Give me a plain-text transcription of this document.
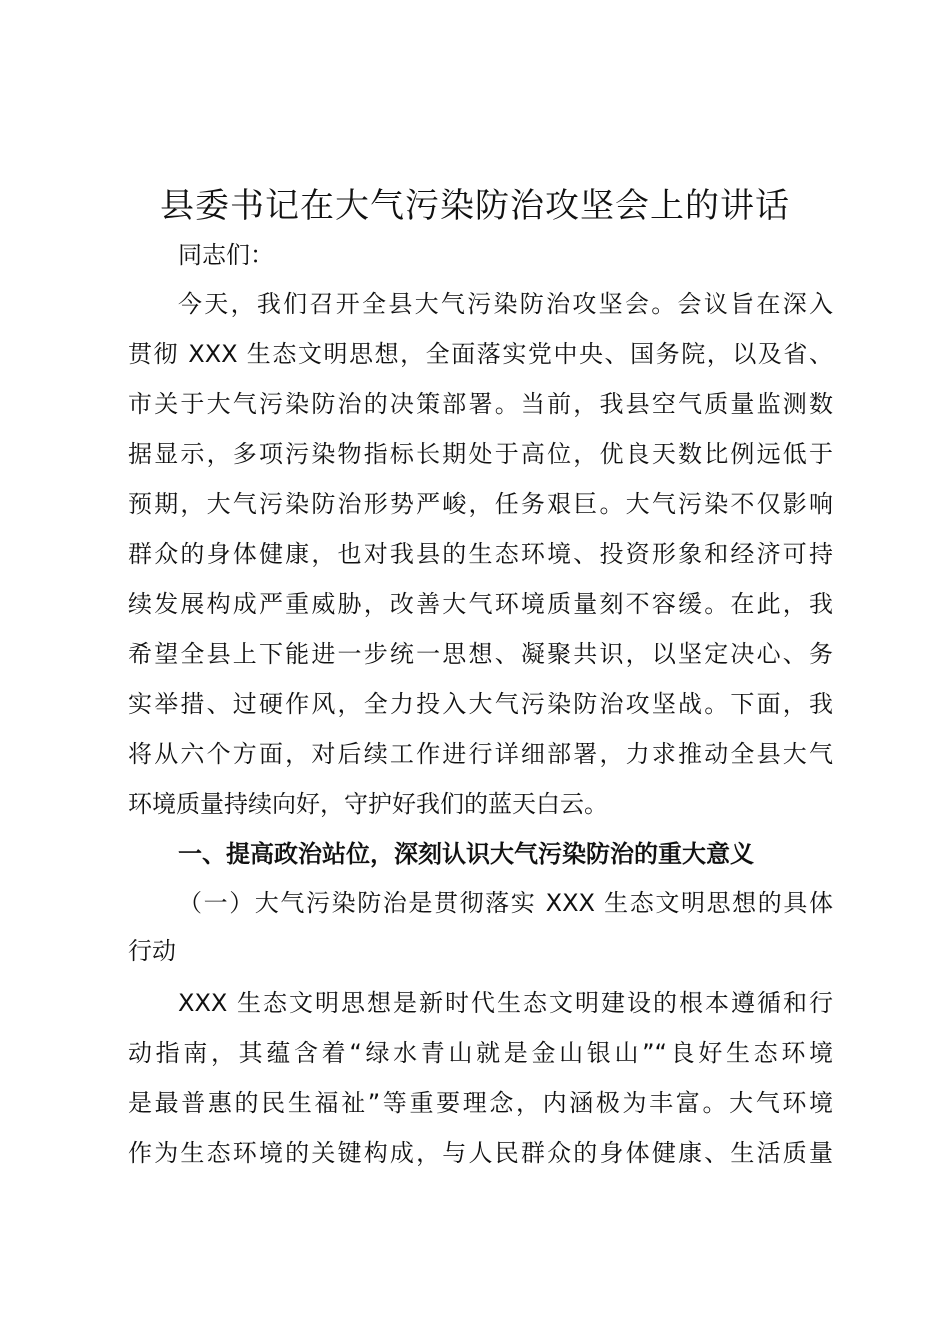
县委书记在大气污染防治攻坚会上的讲话
同志们：
今天，我们召开全县大气污染防治攻坚会。会议旨在深入
贯彻 XXX 生态文明思想，全面落实党中央、国务院，以及省、
市关于大气污染防治的决策部署。当前，我县空气质量监测数
据显示，多项污染物指标长期处于高位，优良天数比例远低于
预期，大气污染防治形势严峻，任务艰巨。大气污染不仅影响
群众的身体健康，也对我县的生态环境、投资形象和经济可持
续发展构成严重威胁，改善大气环境质量刻不容缓。在此，我
希望全县上下能进一步统一思想、凝聚共识，以坚定决心、务
实举措、过硬作风，全力投入大气污染防治攻坚战。下面，我
将从六个方面，对后续工作进行详细部署，力求推动全县大气
环境质量持续向好，守护好我们的蓝天白云。
一、提高政治站位，深刻认识大气污染防治的重大意义
（一）大气污染防治是贯彻落实 XXX 生态文明思想的具体
行动
XXX 生态文明思想是新时代生态文明建设的根本遵循和行
动指南，其蕴含着“绿水青山就是金山银山”“良好生态环境
是最普惠的民生福祉”等重要理念，内涵极为丰富。大气环境
作为生态环境的关键构成，与人民群众的身体健康、生活质量
